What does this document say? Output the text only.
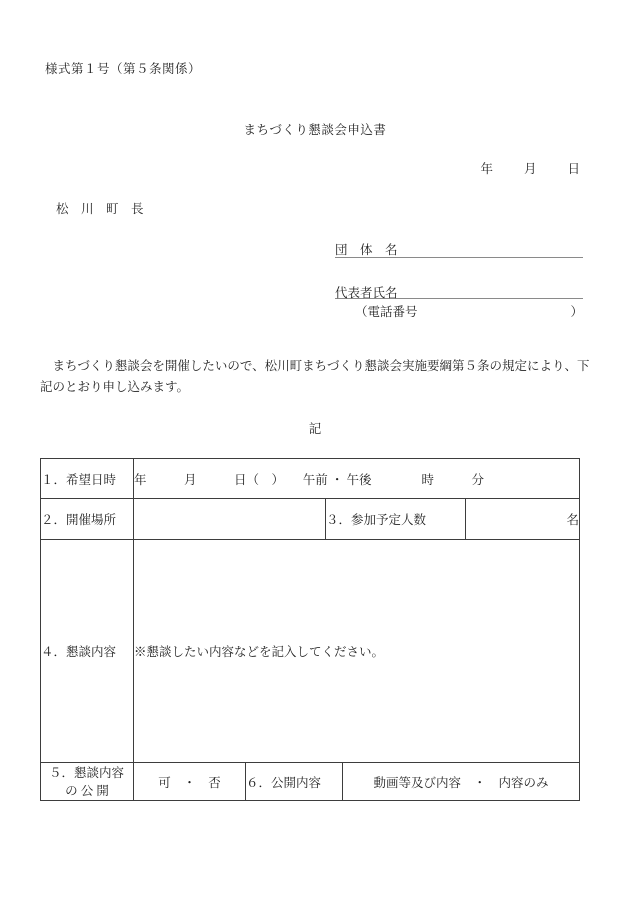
様式第１号（第５条関係）
まちづくり懇談会申込書
年　　月　　日
松　川　町　長
団　体　名
代表者氏名
（電話番号	）
　まちづくり懇談会を開催したいので、松川町まちづくり懇談会実施要綱第５条の規定により、下
記のとおり申し込みます。
記
１．希望日時	年　　　月　　　日（　）　　午前 ・ 午後　　　　時　　　分				
２．開催場所			３．参加予定人数		名
４．懇談内容	※懇談したい内容などを記入してください。				

５．懇談内容
の 公 開	可　・　否	６．公開内容		動画等及び内容　・　内容のみ	
